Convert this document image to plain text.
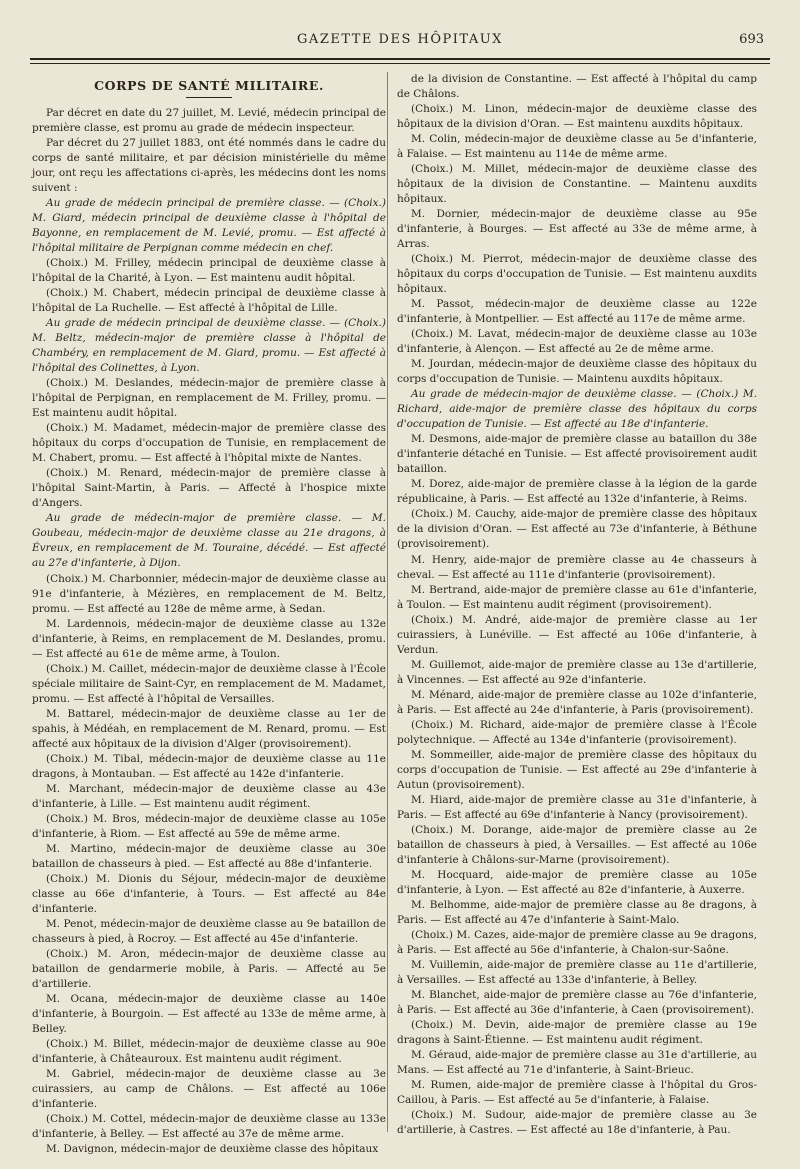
GAZETTE DES HÔPITAUX	693
CORPS DE SANTÉ MILITAIRE.

Par décret en date du 27 juillet, M. Levié, médecin principal de première classe, est promu au grade de médecin inspecteur.

Par décret du 27 juillet 1883, ont été nommés dans le cadre du corps de santé militaire, et par décision ministérielle du même jour, ont reçu les affectations ci-après, les médecins dont les noms suivent :

Au grade de médecin principal de première classe. — (Choix.) M. Giard, médecin principal de deuxième classe à l'hôpital de Bayonne, en remplacement de M. Levié, promu. — Est affecté à l'hôpital militaire de Perpignan comme médecin en chef.

(Choix.) M. Frilley, médecin principal de deuxième classe à l'hôpital de la Charité, à Lyon. — Est maintenu audit hôpital.

(Choix.) M. Chabert, médecin principal de deuxième classe à l'hôpital de La Ruchelle. — Est affecté à l'hôpital de Lille.

Au grade de médecin principal de deuxième classe. — (Choix.) M. Beltz, médecin-major de première classe à l'hôpital de Chambéry, en remplacement de M. Giard, promu. — Est affecté à l'hôpital des Colinettes, à Lyon.

(Choix.) M. Deslandes, médecin-major de première classe à l'hôpital de Perpignan, en remplacement de M. Frilley, promu. — Est maintenu audit hôpital.

(Choix.) M. Madamet, médecin-major de première classe des hôpitaux du corps d'occupation de Tunisie, en remplacement de M. Chabert, promu. — Est affecté à l'hôpital mixte de Nantes.

(Choix.) M. Renard, médecin-major de première classe à l'hôpital Saint-Martin, à Paris. — Affecté à l'hospice mixte d'Angers.

Au grade de médecin-major de première classe. — M. Goubeau, médecin-major de deuxième classe au 21e dragons, à Évreux, en remplacement de M. Touraine, décédé. — Est affecté au 27e d'infanterie, à Dijon.

(Choix.) M. Charbonnier, médecin-major de deuxième classe au 91e d'infanterie, à Mézières, en remplacement de M. Beltz, promu. — Est affecté au 128e de même arme, à Sedan.

M. Lardennois, médecin-major de deuxième classe au 132e d'infanterie, à Reims, en remplacement de M. Deslandes, promu. — Est affecté au 61e de même arme, à Toulon.

(Choix.) M. Caillet, médecin-major de deuxième classe à l'École spéciale militaire de Saint-Cyr, en remplacement de M. Madamet, promu. — Est affecté à l'hôpital de Versailles.

M. Battarel, médecin-major de deuxième classe au 1er de spahis, à Médéah, en remplacement de M. Renard, promu. — Est affecté aux hôpitaux de la division d'Alger (provisoirement).

(Choix.) M. Tibal, médecin-major de deuxième classe au 11e dragons, à Montauban. — Est affecté au 142e d'infanterie.

M. Marchant, médecin-major de deuxième classe au 43e d'infanterie, à Lille. — Est maintenu audit régiment.

(Choix.) M. Bros, médecin-major de deuxième classe au 105e d'infanterie, à Riom. — Est affecté au 59e de même arme.

M. Martino, médecin-major de deuxième classe au 30e bataillon de chasseurs à pied. — Est affecté au 88e d'infanterie.

(Choix.) M. Dionis du Séjour, médecin-major de deuxième classe au 66e d'infanterie, à Tours. — Est affecté au 84e d'infanterie.

M. Penot, médecin-major de deuxième classe au 9e bataillon de chasseurs à pied, à Rocroy. — Est affecté au 45e d'infanterie.

(Choix.) M. Aron, médecin-major de deuxième classe au bataillon de gendarmerie mobile, à Paris. — Affecté au 5e d'artillerie.

M. Ocana, médecin-major de deuxième classe au 140e d'infanterie, à Bourgoin. — Est affecté au 133e de même arme, à Belley.

(Choix.) M. Billet, médecin-major de deuxième classe au 90e d'infanterie, à Châteauroux. Est maintenu audit régiment.

M. Gabriel, médecin-major de deuxième classe au 3e cuirassiers, au camp de Châlons. — Est affecté au 106e d'infanterie.

(Choix.) M. Cottel, médecin-major de deuxième classe au 133e d'infanterie, à Belley. — Est affecté au 37e de même arme.

M. Davignon, médecin-major de deuxième classe des hôpitaux

de la division de Constantine. — Est affecté à l'hôpital du camp de Châlons.

(Choix.) M. Linon, médecin-major de deuxième classe des hôpitaux de la division d'Oran. — Est maintenu auxdits hôpitaux.

M. Colin, médecin-major de deuxième classe au 5e d'infanterie, à Falaise. — Est maintenu au 114e de même arme.

(Choix.) M. Millet, médecin-major de deuxième classe des hôpitaux de la division de Constantine. — Maintenu auxdits hôpitaux.

M. Dornier, médecin-major de deuxième classe au 95e d'infanterie, à Bourges. — Est affecté au 33e de même arme, à Arras.

(Choix.) M. Pierrot, médecin-major de deuxième classe des hôpitaux du corps d'occupation de Tunisie. — Est maintenu auxdits hôpitaux.

M. Passot, médecin-major de deuxième classe au 122e d'infanterie, à Montpellier. — Est affecté au 117e de même arme.

(Choix.) M. Lavat, médecin-major de deuxième classe au 103e d'infanterie, à Alençon. — Est affecté au 2e de même arme.

M. Jourdan, médecin-major de deuxième classe des hôpitaux du corps d'occupation de Tunisie. — Maintenu auxdits hôpitaux.

Au grade de médecin-major de deuxième classe. — (Choix.) M. Richard, aide-major de première classe des hôpitaux du corps d'occupation de Tunisie. — Est affecté au 18e d'infanterie.

M. Desmons, aide-major de première classe au bataillon du 38e d'infanterie détaché en Tunisie. — Est affecté provisoirement audit bataillon.

M. Dorez, aide-major de première classe à la légion de la garde républicaine, à Paris. — Est affecté au 132e d'infanterie, à Reims.

(Choix.) M. Cauchy, aide-major de première classe des hôpitaux de la division d'Oran. — Est affecté au 73e d'infanterie, à Béthune (provisoirement).

M. Henry, aide-major de première classe au 4e chasseurs à cheval. — Est affecté au 111e d'infanterie (provisoirement).

M. Bertrand, aide-major de première classe au 61e d'infanterie, à Toulon. — Est maintenu audit régiment (provisoirement).

(Choix.) M. André, aide-major de première classe au 1er cuirassiers, à Lunéville. — Est affecté au 106e d'infanterie, à Verdun.

M. Guillemot, aide-major de première classe au 13e d'artillerie, à Vincennes. — Est affecté au 92e d'infanterie.

M. Ménard, aide-major de première classe au 102e d'infanterie, à Paris. — Est affecté au 24e d'infanterie, à Paris (provisoirement).

(Choix.) M. Richard, aide-major de première classe à l'École polytechnique. — Affecté au 134e d'infanterie (provisoirement).

M. Sommeiller, aide-major de première classe des hôpitaux du corps d'occupation de Tunisie. — Est affecté au 29e d'infanterie à Autun (provisoirement).

M. Hiard, aide-major de première classe au 31e d'infanterie, à Paris. — Est affecté au 69e d'infanterie à Nancy (provisoirement).

(Choix.) M. Dorange, aide-major de première classe au 2e bataillon de chasseurs à pied, à Versailles. — Est affecté au 106e d'infanterie à Châlons-sur-Marne (provisoirement).

M. Hocquard, aide-major de première classe au 105e d'infanterie, à Lyon. — Est affecté au 82e d'infanterie, à Auxerre.

M. Belhomme, aide-major de première classe au 8e dragons, à Paris. — Est affecté au 47e d'infanterie à Saint-Malo.

(Choix.) M. Cazes, aide-major de première classe au 9e dragons, à Paris. — Est affecté au 56e d'infanterie, à Chalon-sur-Saône.

M. Vuillemin, aide-major de première classe au 11e d'artillerie, à Versailles. — Est affecté au 133e d'infanterie, à Belley.

M. Blanchet, aide-major de première classe au 76e d'infanterie, à Paris. — Est affecté au 36e d'infanterie, à Caen (provisoirement).

(Choix.) M. Devin, aide-major de première classe au 19e dragons à Saint-Étienne. — Est maintenu audit régiment.

M. Géraud, aide-major de première classe au 31e d'artillerie, au Mans. — Est affecté au 71e d'infanterie, à Saint-Brieuc.

M. Rumen, aide-major de première classe à l'hôpital du Gros-Caillou, à Paris. — Est affecté au 5e d'infanterie, à Falaise.

(Choix.) M. Sudour, aide-major de première classe au 3e d'artillerie, à Castres. — Est affecté au 18e d'infanterie, à Pau.
